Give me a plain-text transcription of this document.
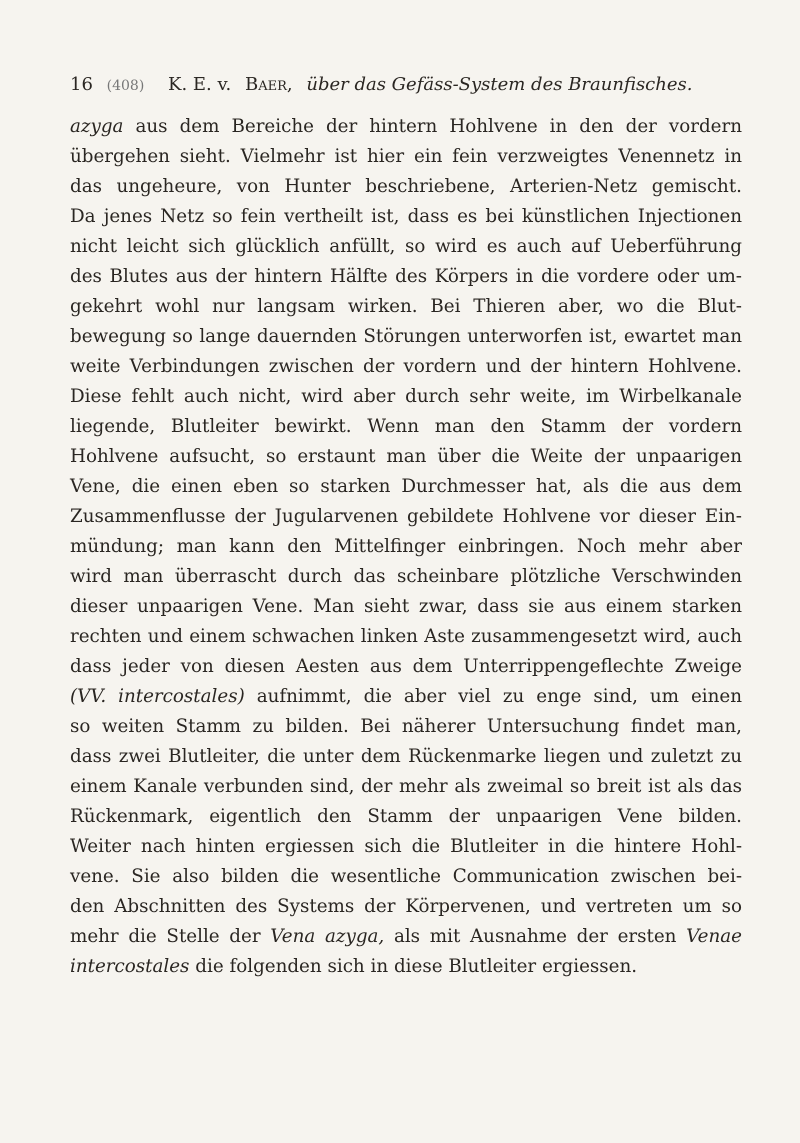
16 (408) K. E. v. Baer, über das Gefäss-System des Braunfisches.
azyga aus dem Bereiche der hintern Hohlvene in den der vordern
übergehen sieht. Vielmehr ist hier ein fein verzweigtes Venennetz in
das ungeheure, von Hunter beschriebene, Arterien-Netz gemischt.
Da jenes Netz so fein vertheilt ist, dass es bei künstlichen Injectionen
nicht leicht sich glücklich anfüllt, so wird es auch auf Ueberführung
des Blutes aus der hintern Hälfte des Körpers in die vordere oder um-
gekehrt wohl nur langsam wirken. Bei Thieren aber, wo die Blut-
bewegung so lange dauernden Störungen unterworfen ist, ewartet man
weite Verbindungen zwischen der vordern und der hintern Hohlvene.
Diese fehlt auch nicht, wird aber durch sehr weite, im Wirbelkanale
liegende, Blutleiter bewirkt. Wenn man den Stamm der vordern
Hohlvene aufsucht, so erstaunt man über die Weite der unpaarigen
Vene, die einen eben so starken Durchmesser hat, als die aus dem
Zusammenflusse der Jugularvenen gebildete Hohlvene vor dieser Ein-
mündung; man kann den Mittelfinger einbringen. Noch mehr aber
wird man überrascht durch das scheinbare plötzliche Verschwinden
dieser unpaarigen Vene. Man sieht zwar, dass sie aus einem starken
rechten und einem schwachen linken Aste zusammengesetzt wird, auch
dass jeder von diesen Aesten aus dem Unterrippengeflechte Zweige
(VV. intercostales) aufnimmt, die aber viel zu enge sind, um einen
so weiten Stamm zu bilden. Bei näherer Untersuchung findet man,
dass zwei Blutleiter, die unter dem Rückenmarke liegen und zuletzt zu
einem Kanale verbunden sind, der mehr als zweimal so breit ist als das
Rückenmark, eigentlich den Stamm der unpaarigen Vene bilden.
Weiter nach hinten ergiessen sich die Blutleiter in die hintere Hohl-
vene. Sie also bilden die wesentliche Communication zwischen bei-
den Abschnitten des Systems der Körpervenen, und vertreten um so
mehr die Stelle der Vena azyga, als mit Ausnahme der ersten Venae
intercostales die folgenden sich in diese Blutleiter ergiessen.
